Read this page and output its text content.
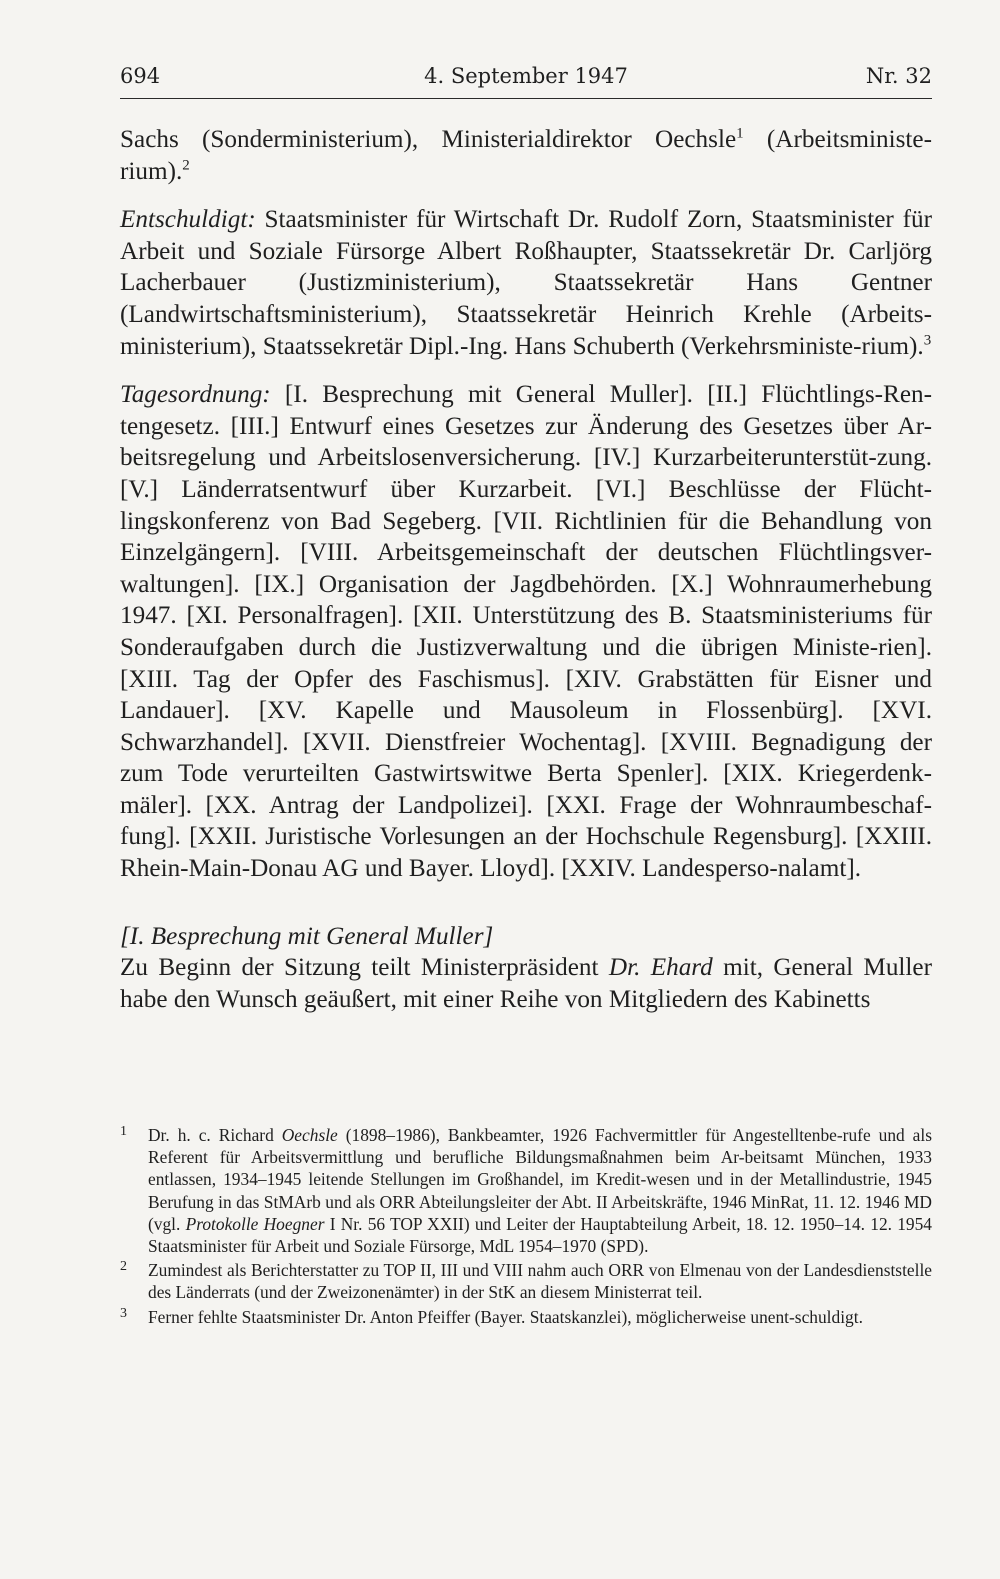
694	4. September 1947	Nr. 32

Sachs (Sonderministerium), Ministerialdirektor Oechsle$^1$ (Arbeitsministe-rium).$^2$

Entschuldigt: Staatsminister für Wirtschaft Dr. Rudolf Zorn, Staatsminister für Arbeit und Soziale Fürsorge Albert Roßhaupter, Staatssekretär Dr. Carljörg Lacherbauer (Justizministerium), Staatssekretär Hans Gentner (Landwirtschaftsministerium), Staatssekretär Heinrich Krehle (Arbeits-ministerium), Staatssekretär Dipl.-Ing. Hans Schuberth (Verkehrsministe-rium).$^3$

Tagesordnung: [I. Besprechung mit General Muller]. [II.] Flüchtlings-Ren-tengesetz. [III.] Entwurf eines Gesetzes zur Änderung des Gesetzes über Ar-beitsregelung und Arbeitslosenversicherung. [IV.] Kurzarbeiterunterstüt-zung. [V.] Länderratsentwurf über Kurzarbeit. [VI.] Beschlüsse der Flücht-lingskonferenz von Bad Segeberg. [VII. Richtlinien für die Behandlung von Einzelgängern]. [VIII. Arbeitsgemeinschaft der deutschen Flüchtlingsver-waltungen]. [IX.] Organisation der Jagdbehörden. [X.] Wohnraumerhebung 1947. [XI. Personalfragen]. [XII. Unterstützung des B. Staatsministeriums für Sonderaufgaben durch die Justizverwaltung und die übrigen Ministe-rien]. [XIII. Tag der Opfer des Faschismus]. [XIV. Grabstätten für Eisner und Landauer]. [XV. Kapelle und Mausoleum in Flossenbürg]. [XVI. Schwarzhandel]. [XVII. Dienstfreier Wochentag]. [XVIII. Begnadigung der zum Tode verurteilten Gastwirtswitwe Berta Spenler]. [XIX. Kriegerdenk-mäler]. [XX. Antrag der Landpolizei]. [XXI. Frage der Wohnraumbeschaf-fung]. [XXII. Juristische Vorlesungen an der Hochschule Regensburg]. [XXIII. Rhein-Main-Donau AG und Bayer. Lloyd]. [XXIV. Landesperso-nalamt].

[I. Besprechung mit General Muller]

Zu Beginn der Sitzung teilt Ministerpräsident Dr. Ehard mit, General Muller habe den Wunsch geäußert, mit einer Reihe von Mitgliedern des Kabinetts

1 Dr. h. c. Richard Oechsle (1898–1986), Bankbeamter, 1926 Fachvermittler für Angestelltenbe-rufe und als Referent für Arbeitsvermittlung und berufliche Bildungsmaßnahmen beim Ar-beitsamt München, 1933 entlassen, 1934–1945 leitende Stellungen im Großhandel, im Kredit-wesen und in der Metallindustrie, 1945 Berufung in das StMArb und als ORR Abteilungsleiter der Abt. II Arbeitskräfte, 1946 MinRat, 11. 12. 1946 MD (vgl. Protokolle Hoegner I Nr. 56 TOP XXII) und Leiter der Hauptabteilung Arbeit, 18. 12. 1950–14. 12. 1954 Staatsminister für Arbeit und Soziale Fürsorge, MdL 1954–1970 (SPD).
2 Zumindest als Berichterstatter zu TOP II, III und VIII nahm auch ORR von Elmenau von der Landesdienststelle des Länderrats (und der Zweizonenämter) in der StK an diesem Ministerrat teil.
3 Ferner fehlte Staatsminister Dr. Anton Pfeiffer (Bayer. Staatskanzlei), möglicherweise unent-schuldigt.
